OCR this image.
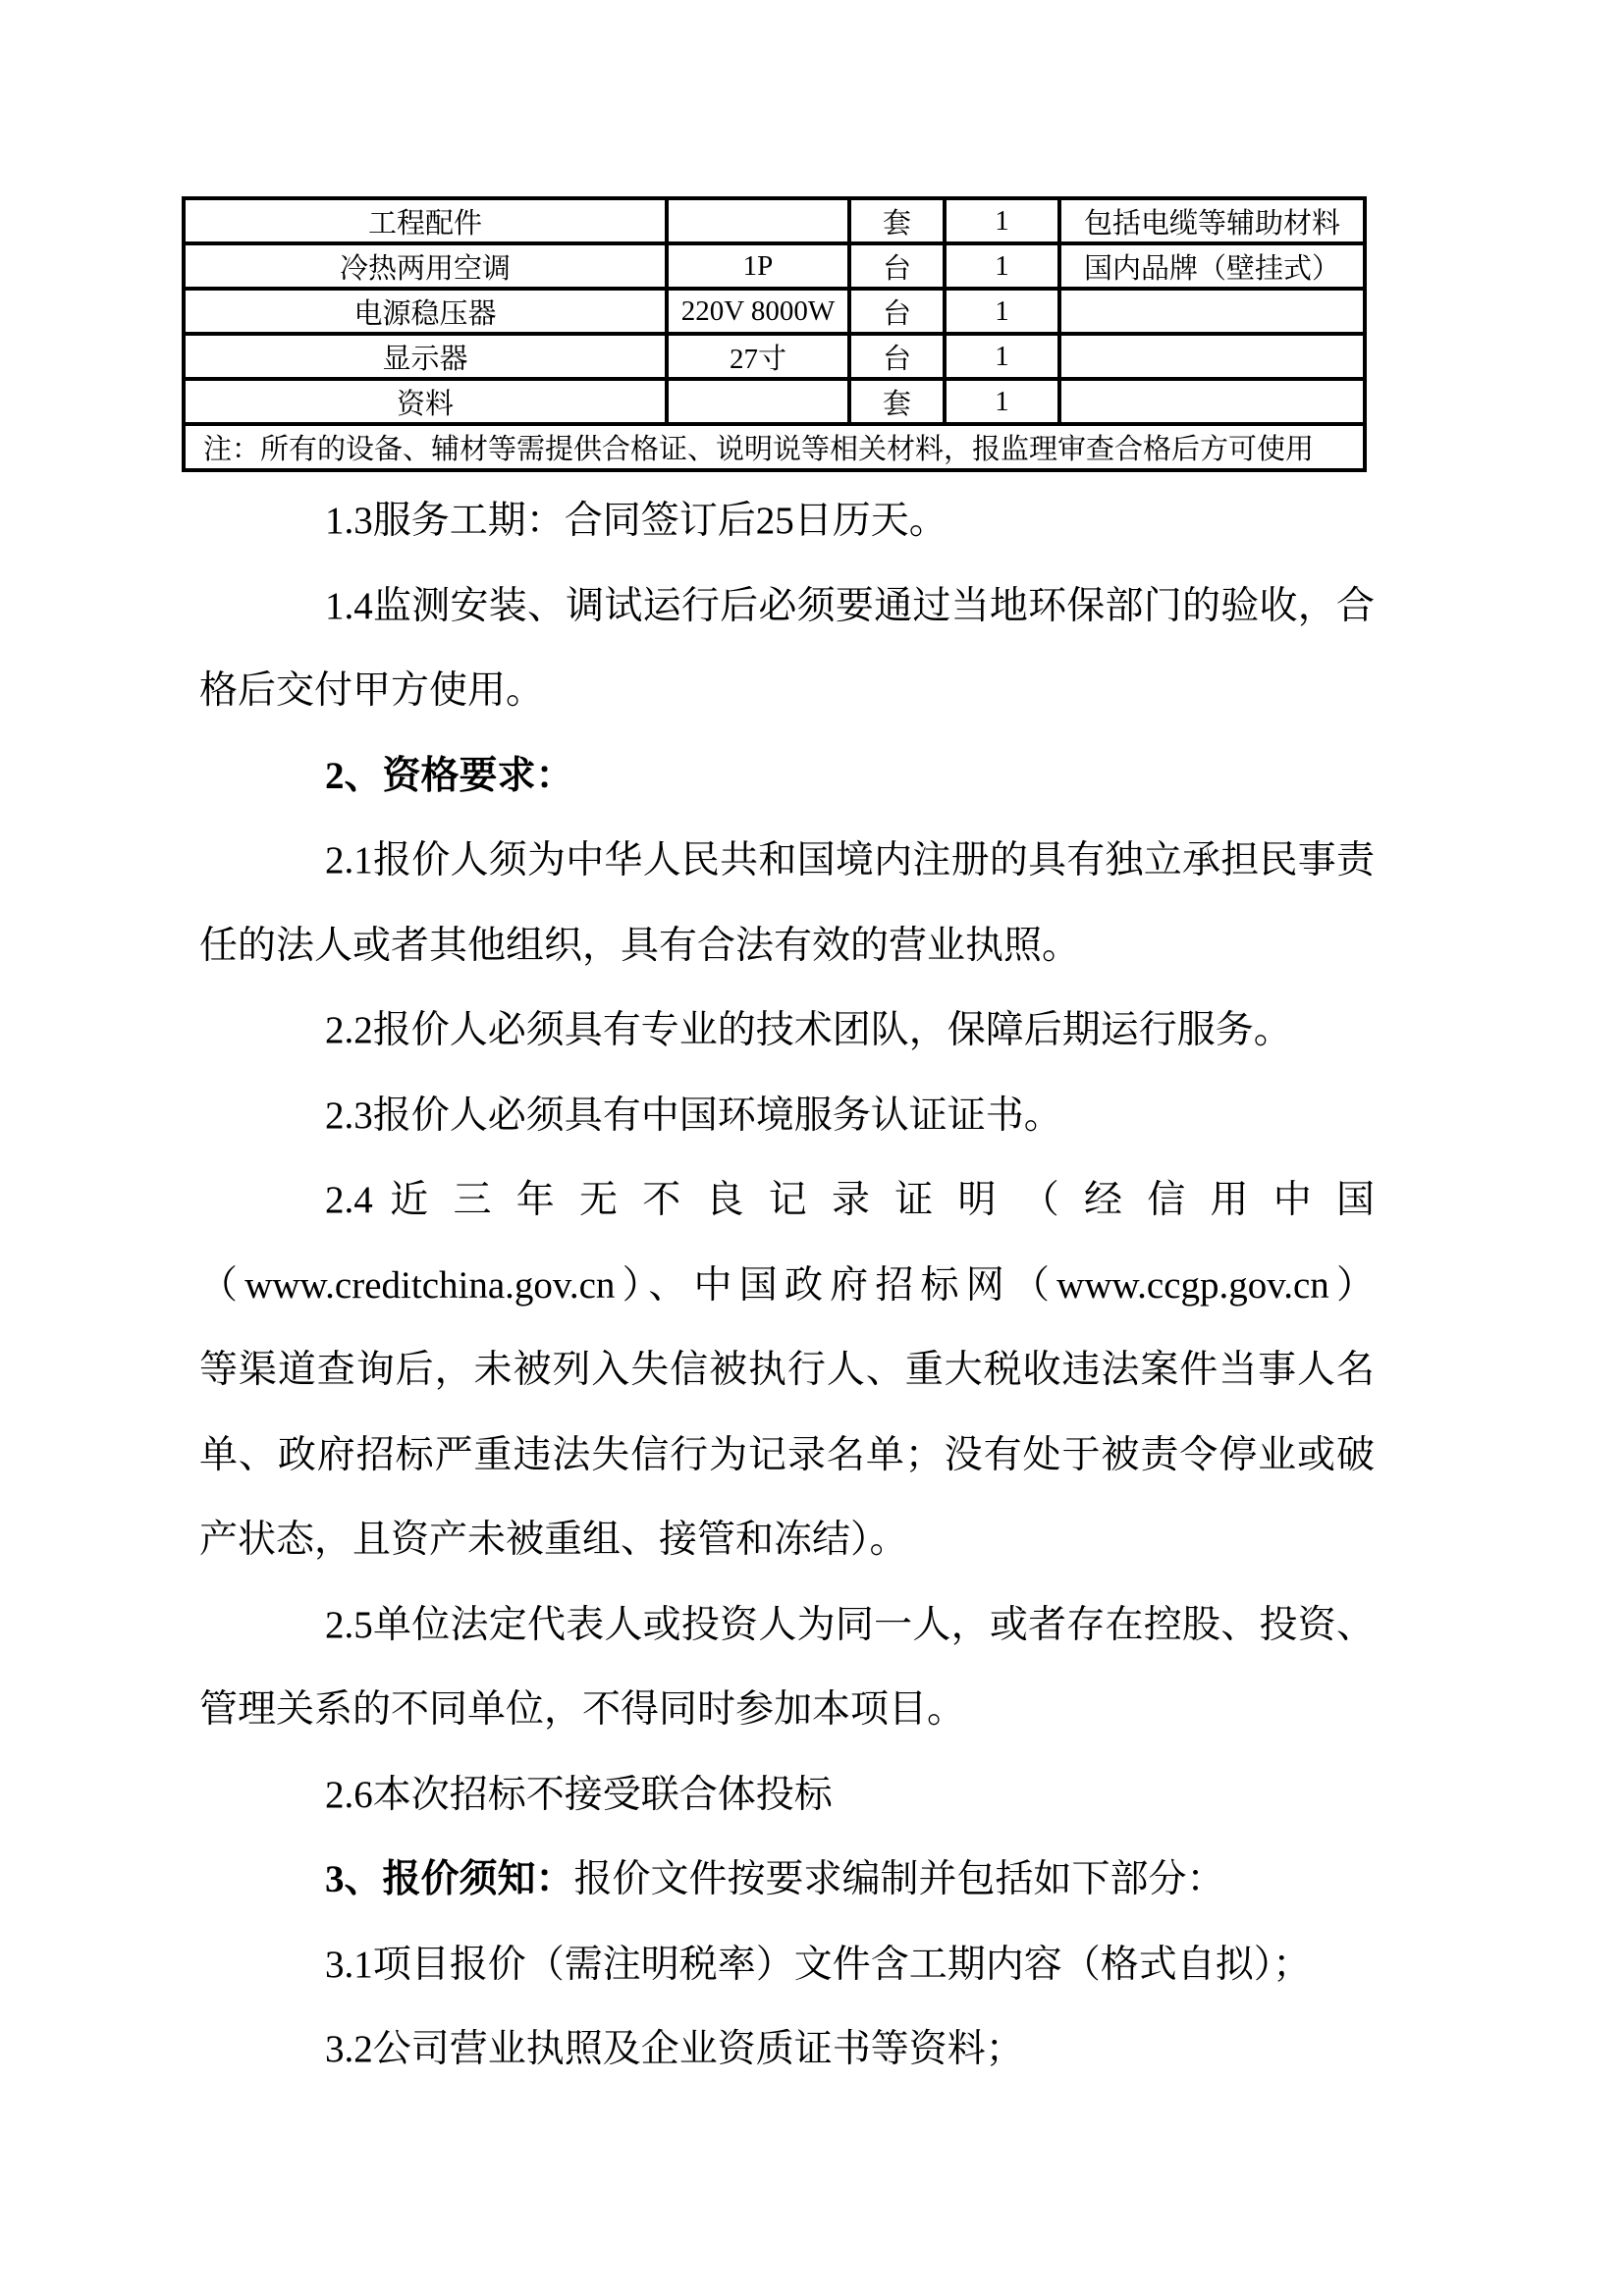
工程配件		套	1	包括电缆等辅助材料
冷热两用空调	1P	台	1	国内品牌（壁挂式）
电源稳压器	220V 8000W	台	1	
显示器	27寸	台	1	
资料		套	1	
注：所有的设备、辅材等需提供合格证、说明说等相关材料，报监理审查合格后方可使用				
1.3服务工期：合同签订后25日历天。
1.4监测安装、调试运行后必须要通过当地环保部门的验收，合
格后交付甲方使用。
2、资格要求：
2.1报价人须为中华人民共和国境内注册的具有独立承担民事责
任的法人或者其他组织，具有合法有效的营业执照。
2.2报价人必须具有专业的技术团队，保障后期运行服务。
2.3报价人必须具有中国环境服务认证证书。
2.4 近 三 年 无 不 良 记 录 证 明 （ 经 信 用 中 国
（www.creditchina.gov.cn）、中国政府招标网（www.ccgp.gov.cn）
等渠道查询后，未被列入失信被执行人、重大税收违法案件当事人名
单、政府招标严重违法失信行为记录名单；没有处于被责令停业或破
产状态，且资产未被重组、接管和冻结）。
2.5单位法定代表人或投资人为同一人，或者存在控股、投资、
管理关系的不同单位，不得同时参加本项目。
2.6本次招标不接受联合体投标
3、报价须知：报价文件按要求编制并包括如下部分：
3.1项目报价（需注明税率）文件含工期内容（格式自拟）；
3.2公司营业执照及企业资质证书等资料；
